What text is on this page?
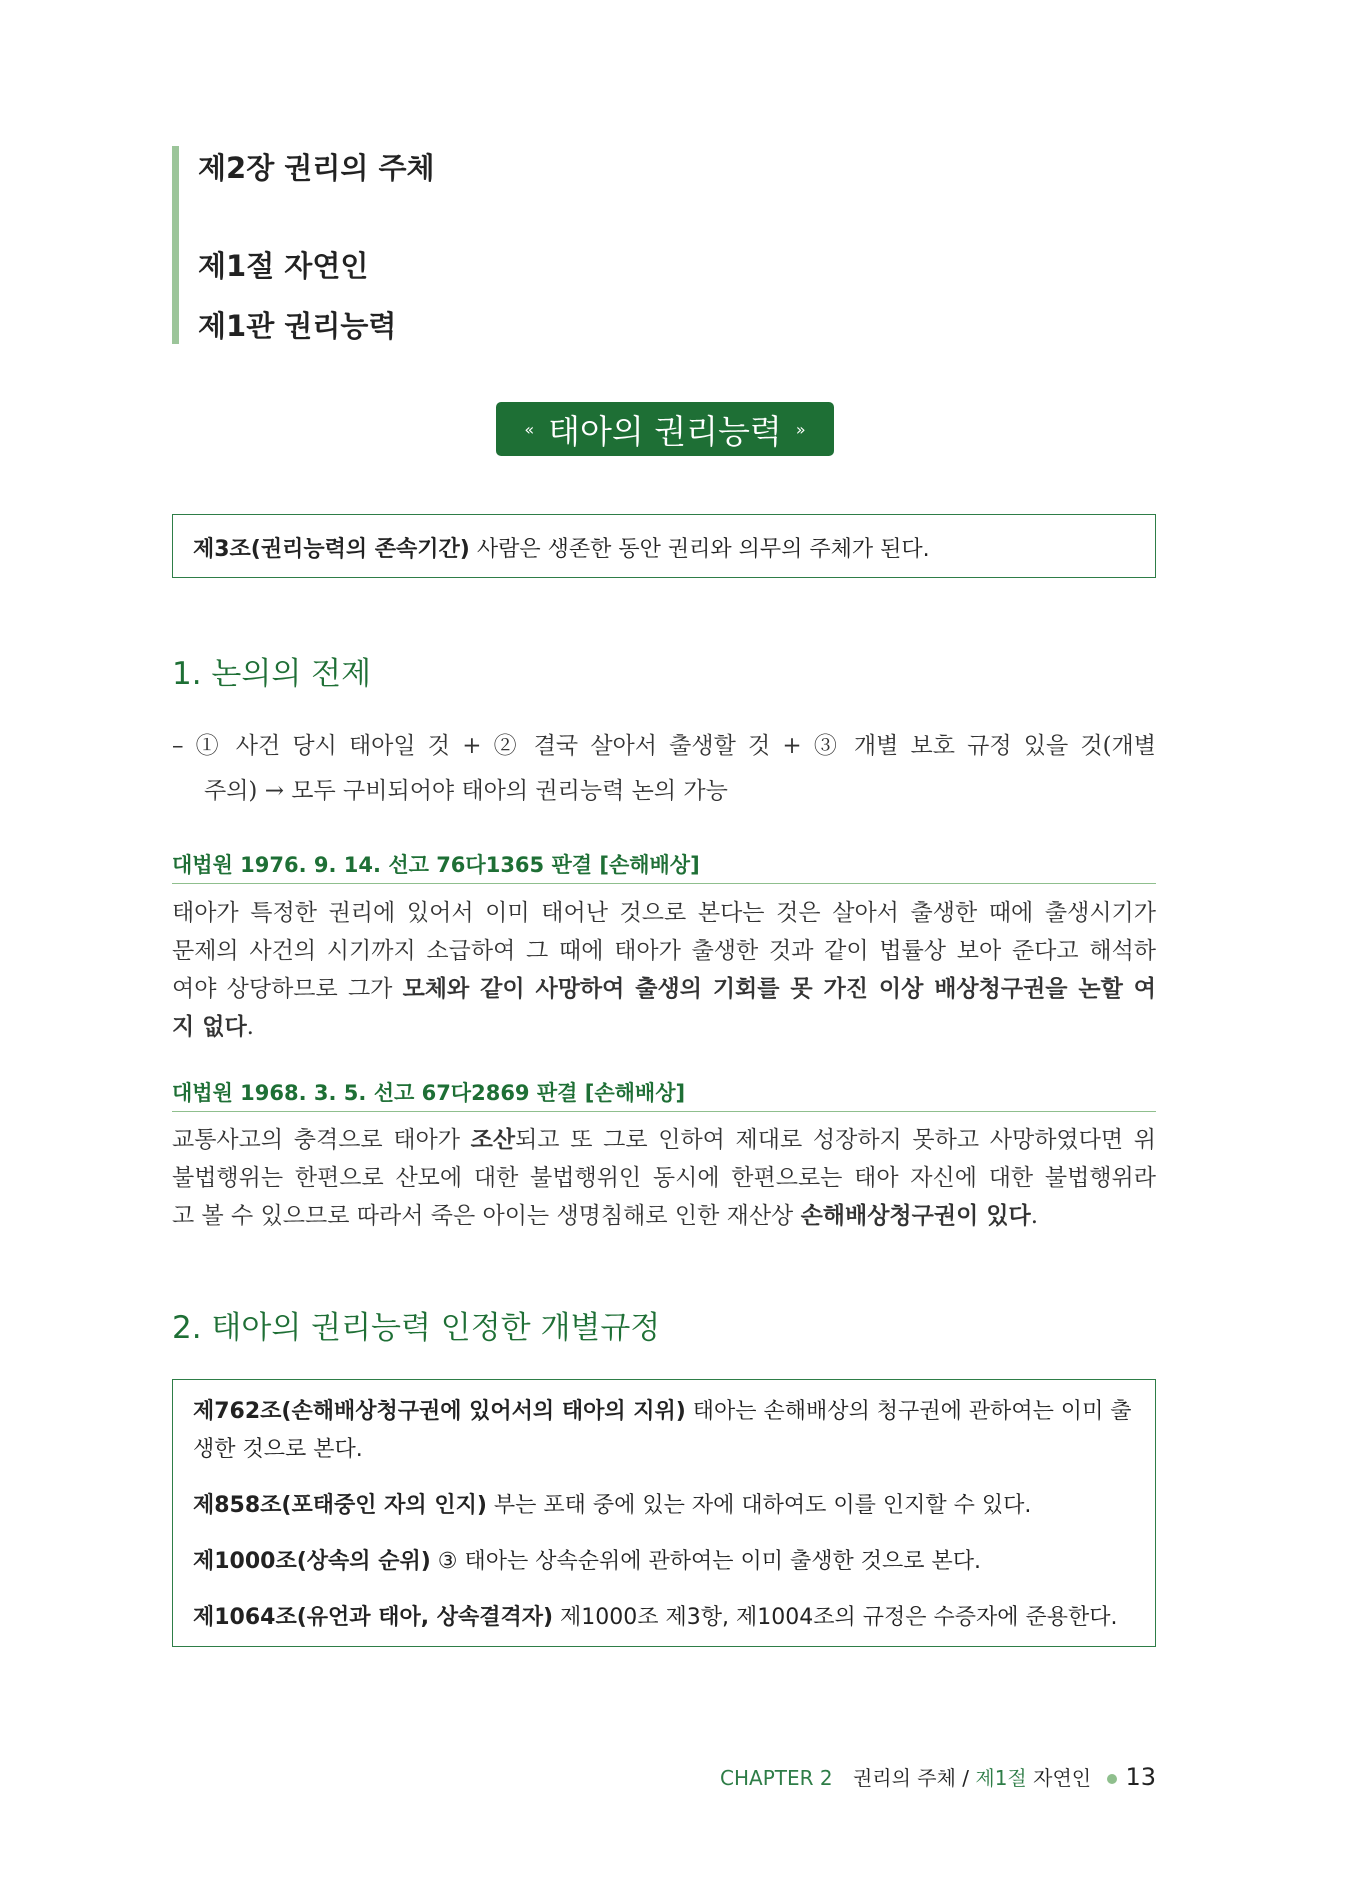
제2장 권리의 주체
제1절 자연인
제1관 권리능력
« 태아의 권리능력 »

제3조(권리능력의 존속기간) 사람은 생존한 동안 권리와 의무의 주체가 된다.

1. 논의의 전제
– ① 사건 당시 태아일 것 + ② 결국 살아서 출생할 것 + ③ 개별 보호 규정 있을 것(개별
주의) → 모두 구비되어야 태아의 권리능력 논의 가능
대법원 1976. 9. 14. 선고 76다1365 판결 [손해배상]
태아가 특정한 권리에 있어서 이미 태어난 것으로 본다는 것은 살아서 출생한 때에 출생시기가
문제의 사건의 시기까지 소급하여 그 때에 태아가 출생한 것과 같이 법률상 보아 준다고 해석하
여야 상당하므로 그가 모체와 같이 사망하여 출생의 기회를 못 가진 이상 배상청구권을 논할 여
지 없다.
대법원 1968. 3. 5. 선고 67다2869 판결 [손해배상]
교통사고의 충격으로 태아가 조산되고 또 그로 인하여 제대로 성장하지 못하고 사망하였다면 위
불법행위는 한편으로 산모에 대한 불법행위인 동시에 한편으로는 태아 자신에 대한 불법행위라
고 볼 수 있으므로 따라서 죽은 아이는 생명침해로 인한 재산상 손해배상청구권이 있다.
2. 태아의 권리능력 인정한 개별규정
제762조(손해배상청구권에 있어서의 태아의 지위) 태아는 손해배상의 청구권에 관하여는 이미 출
생한 것으로 본다.
제858조(포태중인 자의 인지) 부는 포태 중에 있는 자에 대하여도 이를 인지할 수 있다.
제1000조(상속의 순위) ③ 태아는 상속순위에 관하여는 이미 출생한 것으로 본다.
제1064조(유언과 태아, 상속결격자) 제1000조 제3항, 제1004조의 규정은 수증자에 준용한다.
CHAPTER 2 권리의 주체 / 제1절 자연인 13
